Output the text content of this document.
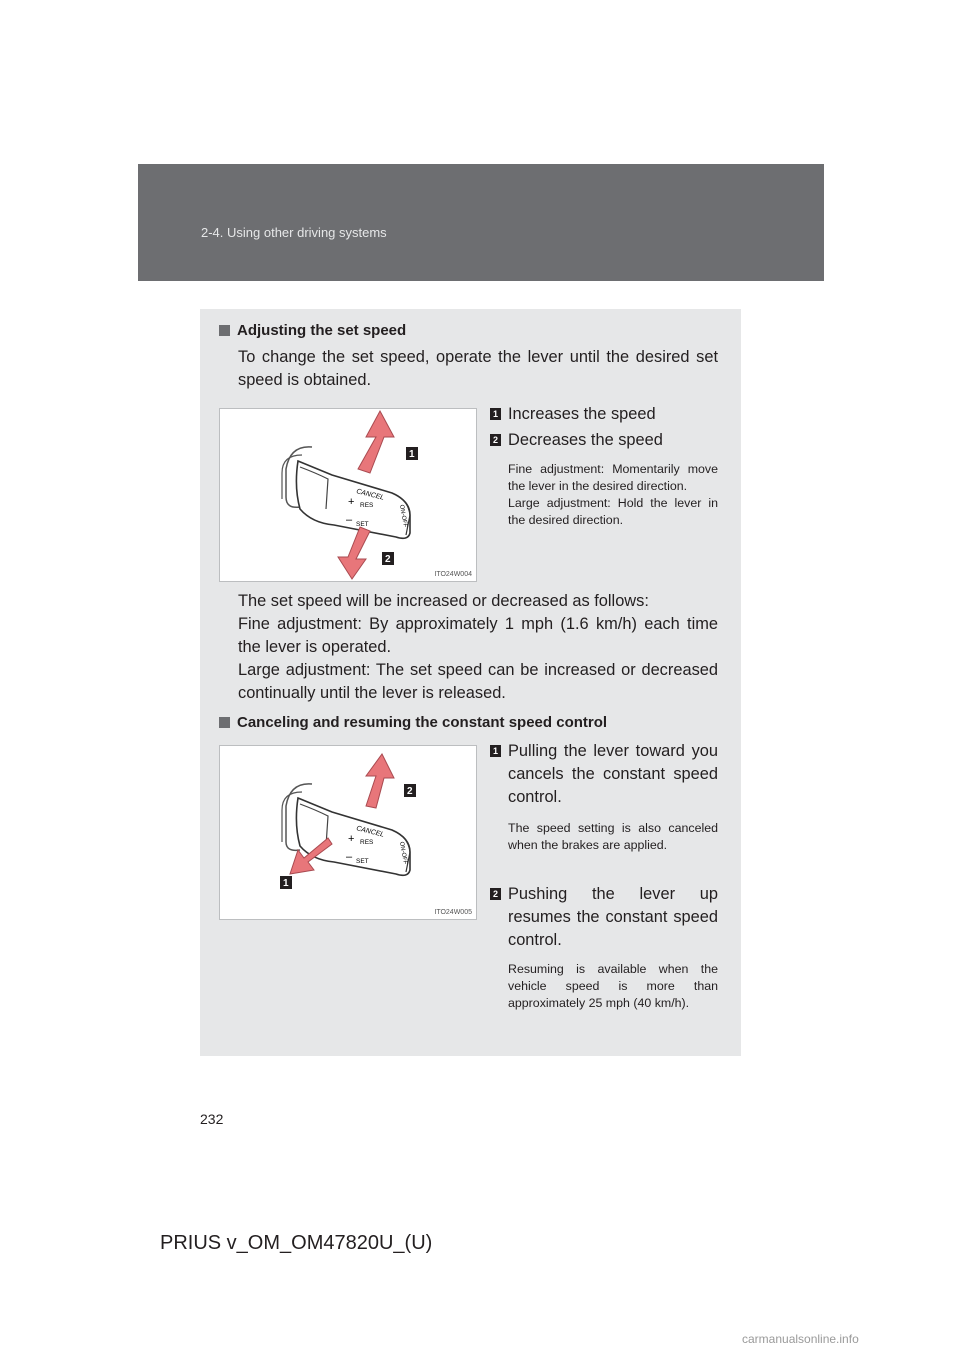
2-4. Using other driving systems
Adjusting the set speed

To change the set speed, operate the lever until the desired set speed is obtained.

CANCEL
+ RES
– SET	ON-OFF
1
2
ITO24W004
1 Increases the speed
2 Decreases the speed

Fine adjustment: Momentarily move the lever in the desired direction.
Large adjustment: Hold the lever in the desired direction.

The set speed will be increased or decreased as follows:

Fine adjustment: By approximately 1 mph (1.6 km/h) each time the lever is operated.

Large adjustment: The set speed can be increased or decreased continually until the lever is released.

Canceling and resuming the constant speed control
CANCEL
+ RES
– SET	ON-OFF
2
1
ITO24W005
1 Pulling the lever toward you cancels the constant speed control.

The speed setting is also canceled when the brakes are applied.

2 Pushing the lever up resumes the constant speed control.

Resuming is available when the vehicle speed is more than approximately 25 mph (40 km/h).

232
PRIUS v_OM_OM47820U_(U)
carmanualsonline.info
